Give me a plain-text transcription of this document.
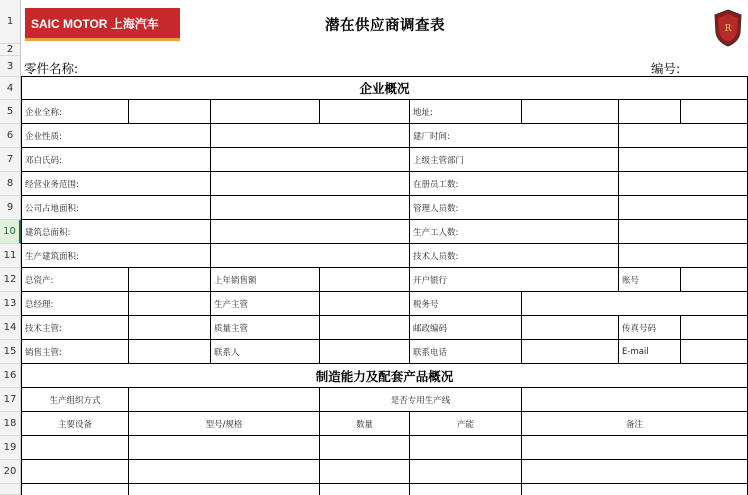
1
2
3
4
5
6
7
8
9
10
11
12
13
14
15
16
17
18
19
20
SAIC MOTOR 上海汽车	潜在供应商调查表	R
零件名称:	编号:
企业概况
企业全称:	地址:
企业性质:	建厂时间:
邓白氏码:	上级主管部门
经营业务范围:	在册员工数:
公司占地面积:	管理人员数:
建筑总面积:	生产工人数:
生产建筑面积:	技术人员数:
总资产:	上年销售额	开户银行	账号
总经理:	生产主管	税务号
技术主管:	质量主管	邮政编码	传真号码
销售主管:	联系人	联系电话	E-mail
制造能力及配套产品概况
生产组织方式	是否专用生产线
主要设备	型号/规格	数量	产能	备注
